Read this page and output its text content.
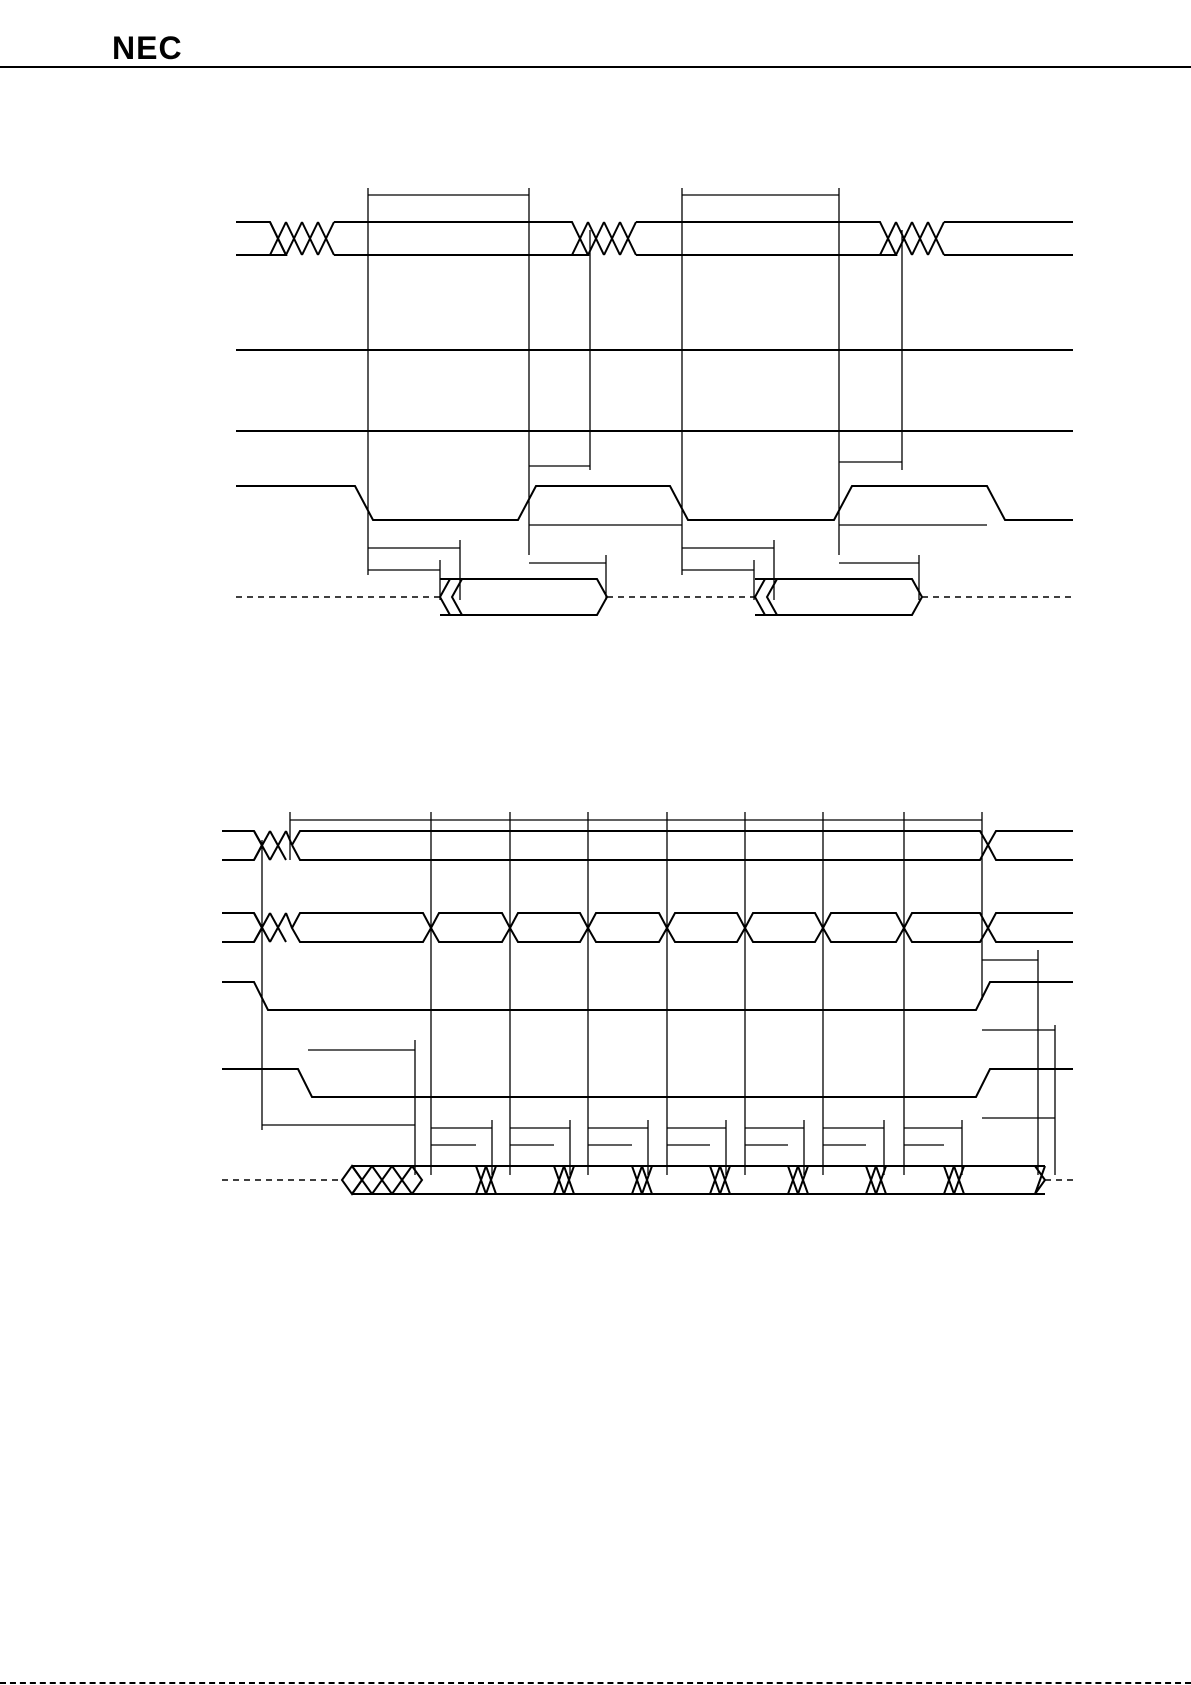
NEC
